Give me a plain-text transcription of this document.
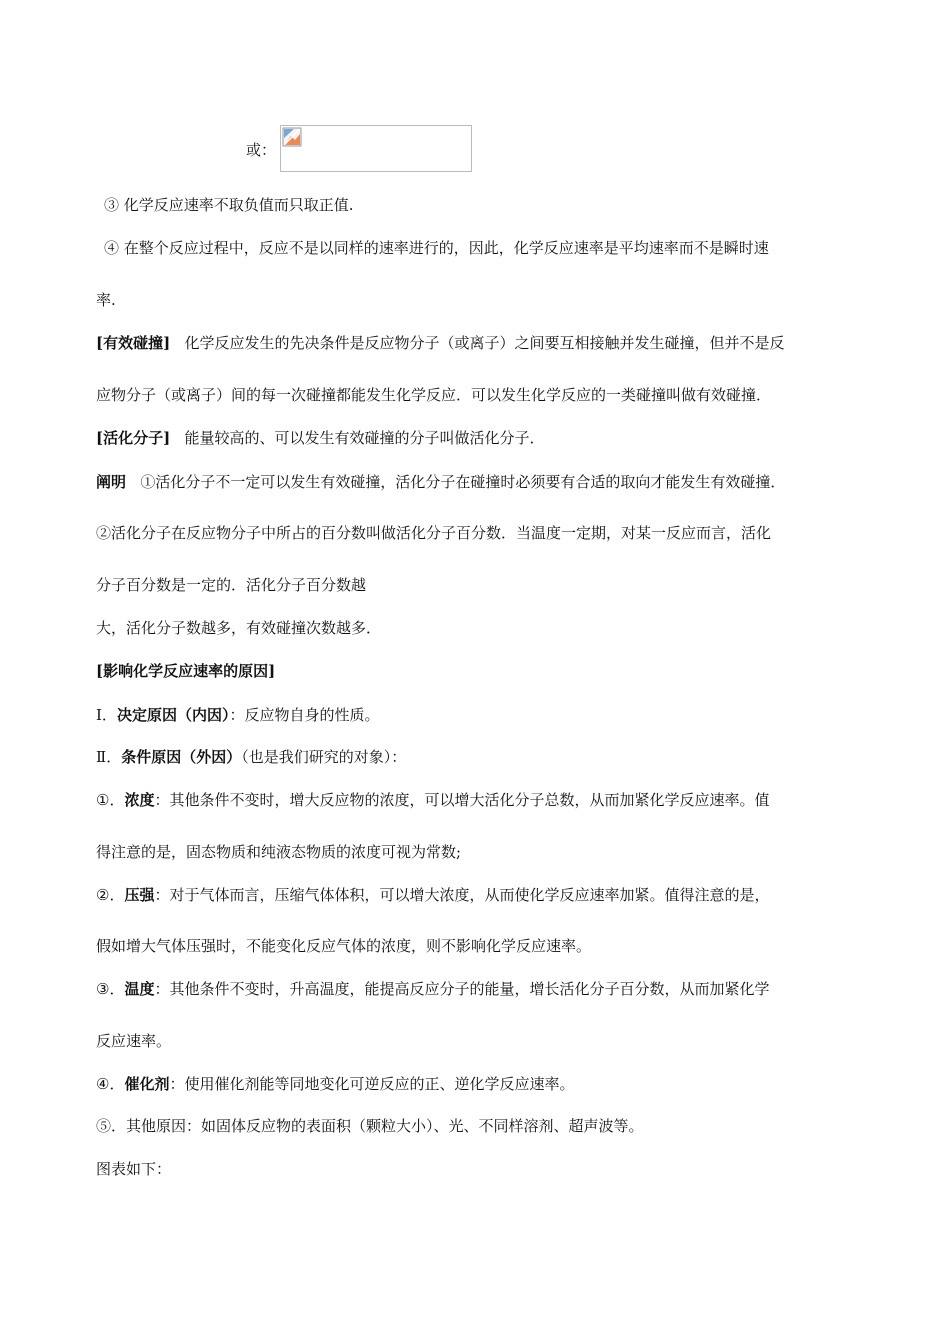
或：
③ 化学反应速率不取负值而只取正值.
④ 在整个反应过程中，反应不是以同样的速率进行的，因此，化学反应速率是平均速率而不是瞬时速
率.
[有效碰撞] 化学反应发生的先决条件是反应物分子（或离子）之间要互相接触并发生碰撞，但并不是反
应物分子（或离子）间的每一次碰撞都能发生化学反应．可以发生化学反应的一类碰撞叫做有效碰撞．
[活化分子] 能量较高的、可以发生有效碰撞的分子叫做活化分子．
阐明 ①活化分子不一定可以发生有效碰撞，活化分子在碰撞时必须要有合适的取向才能发生有效碰撞．
②活化分子在反应物分子中所占的百分数叫做活化分子百分数．当温度一定期，对某一反应而言，活化
分子百分数是一定的．活化分子百分数越
大，活化分子数越多，有效碰撞次数越多．
[影响化学反应速率的原因]
Ⅰ．决定原因（内因）：反应物自身的性质。
Ⅱ．条件原因（外因）（也是我们研究的对象）：
①．浓度：其他条件不变时，增大反应物的浓度，可以增大活化分子总数，从而加紧化学反应速率。值
得注意的是，固态物质和纯液态物质的浓度可视为常数;
②．压强：对于气体而言，压缩气体体积，可以增大浓度，从而使化学反应速率加紧。值得注意的是，
假如增大气体压强时，不能变化反应气体的浓度，则不影响化学反应速率。
③．温度：其他条件不变时，升高温度，能提高反应分子的能量，增长活化分子百分数，从而加紧化学
反应速率。
④．催化剂：使用催化剂能等同地变化可逆反应的正、逆化学反应速率。
⑤．其他原因：如固体反应物的表面积（颗粒大小）、光、不同样溶剂、超声波等。
图表如下：
